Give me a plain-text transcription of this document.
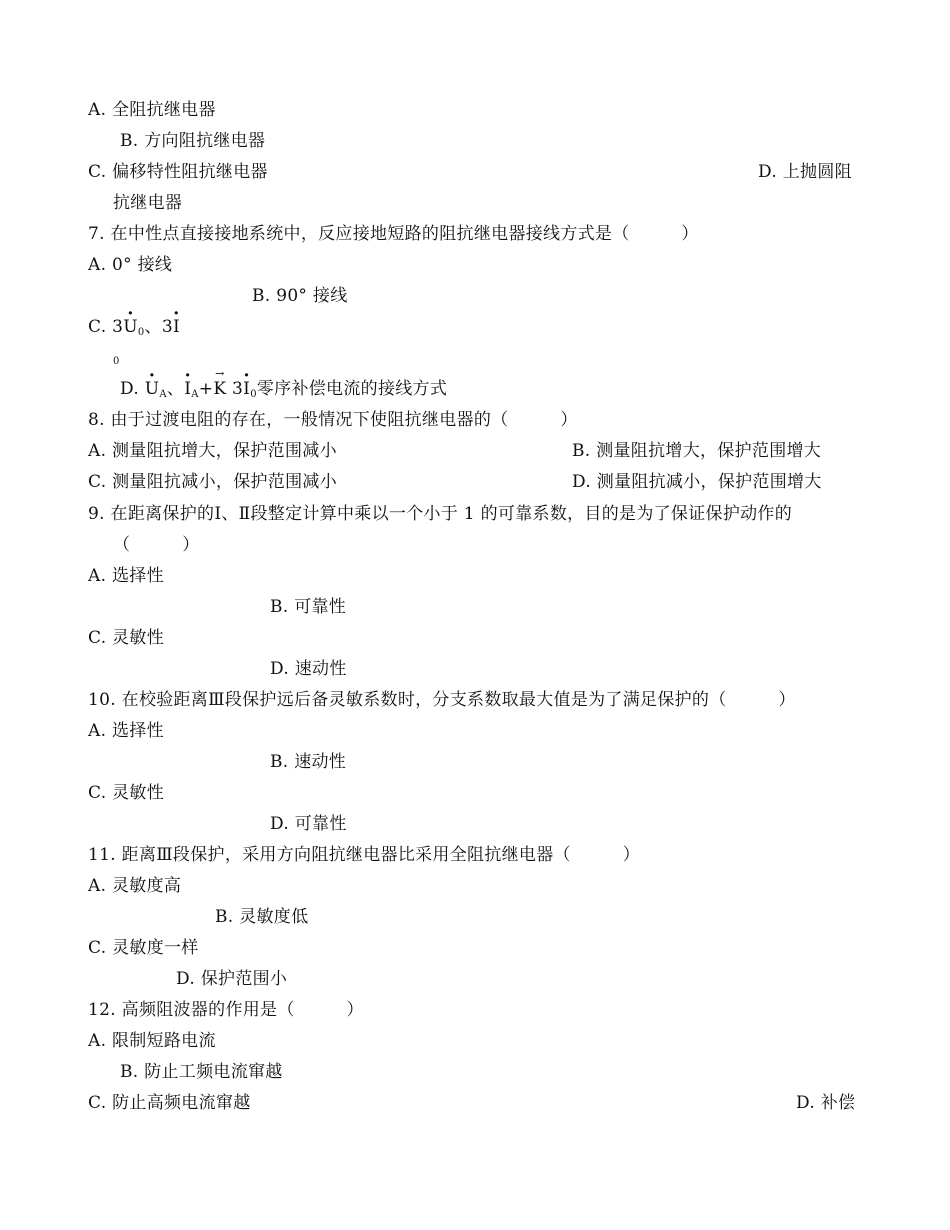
A. 全阻抗继电器
B. 方向阻抗继电器
C. 偏移特性阻抗继电器	D. 上抛圆阻
抗继电器
7. 在中性点直接接地系统中，反应接地短路的阻抗继电器接线方式是（　　　）
A. 0° 接线
B. 90° 接线
C. $3\cdot U_0$、3· I
0
D. · $U_A$、· $I_A+\to K$ $3\cdot I_0$零序补偿电流的接线方式
8. 由于过渡电阻的存在，一般情况下使阻抗继电器的（　　　）
A. 测量阻抗增大，保护范围减小	B. 测量阻抗增大，保护范围增大
C. 测量阻抗减小，保护范围减小	D. 测量阻抗减小，保护范围增大
9. 在距离保护的Ⅰ、Ⅱ段整定计算中乘以一个小于 1 的可靠系数，目的是为了保证保护动作的
（　　　）
A. 选择性
B. 可靠性
C. 灵敏性
D. 速动性
10. 在校验距离Ⅲ段保护远后备灵敏系数时，分支系数取最大值是为了满足保护的（　　　）
A. 选择性
B. 速动性
C. 灵敏性
D. 可靠性
11. 距离Ⅲ段保护，采用方向阻抗继电器比采用全阻抗继电器（　　　）
A. 灵敏度高
B. 灵敏度低
C. 灵敏度一样
D. 保护范围小
12. 高频阻波器的作用是（　　　）
A. 限制短路电流
B. 防止工频电流窜越
C. 防止高频电流窜越	D. 补偿
